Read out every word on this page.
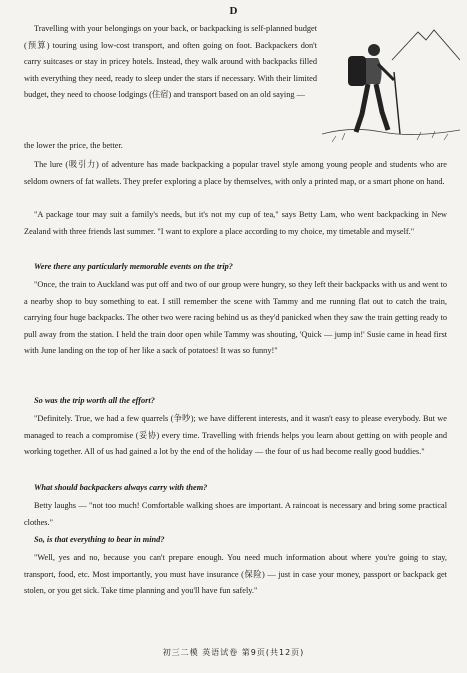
D

Travelling with your belongings on your back, or backpacking is self-planned budget (预算) touring using low-cost transport, and often going on foot. Backpackers don't carry suitcases or stay in pricey hotels. Instead, they walk around with backpacks filled with everything they need, ready to sleep under the stars if necessary. With their limited budget, they need to choose lodgings (住宿) and transport based on an old saying —

the lower the price, the better.

The lure (吸引力) of adventure has made backpacking a popular travel style among young people and students who are seldom owners of fat wallets. They prefer exploring a place by themselves, with only a printed map, or a smart phone on hand.

"A package tour may suit a family's needs, but it's not my cup of tea," says Betty Lam, who went backpacking in New Zealand with three friends last summer. "I want to explore a place according to my choice, my timetable and myself."

Were there any particularly memorable events on the trip?

"Once, the train to Auckland was put off and two of our group were hungry, so they left their backpacks with us and went to a nearby shop to buy something to eat. I still remember the scene with Tammy and me running flat out to catch the train, carrying four huge backpacks. The other two were racing behind us as they'd panicked when they saw the train getting ready to pull away from the station. I held the train door open while Tammy was shouting, 'Quick — jump in!' Susie came in head first with June landing on the top of her like a sack of potatoes! It was so funny!"

So was the trip worth all the effort?

"Definitely. True, we had a few quarrels (争吵); we have different interests, and it wasn't easy to please everybody. But we managed to reach a compromise (妥协) every time. Travelling with friends helps you learn about getting on with people and working together. All of us had gained a lot by the end of the holiday — the four of us had become really good buddies."

What should backpackers always carry with them?

Betty laughs — "not too much! Comfortable walking shoes are important. A raincoat is necessary and bring some practical clothes."

So, is that everything to bear in mind?

"Well, yes and no, because you can't prepare enough. You need much information about where you're going to stay, transport, food, etc. Most importantly, you must have insurance (保险) — just in case your money, passport or backpack get stolen, or you get sick. Take time planning and you'll have fun safely."

初三二模 英语试卷 第9页(共12页)
